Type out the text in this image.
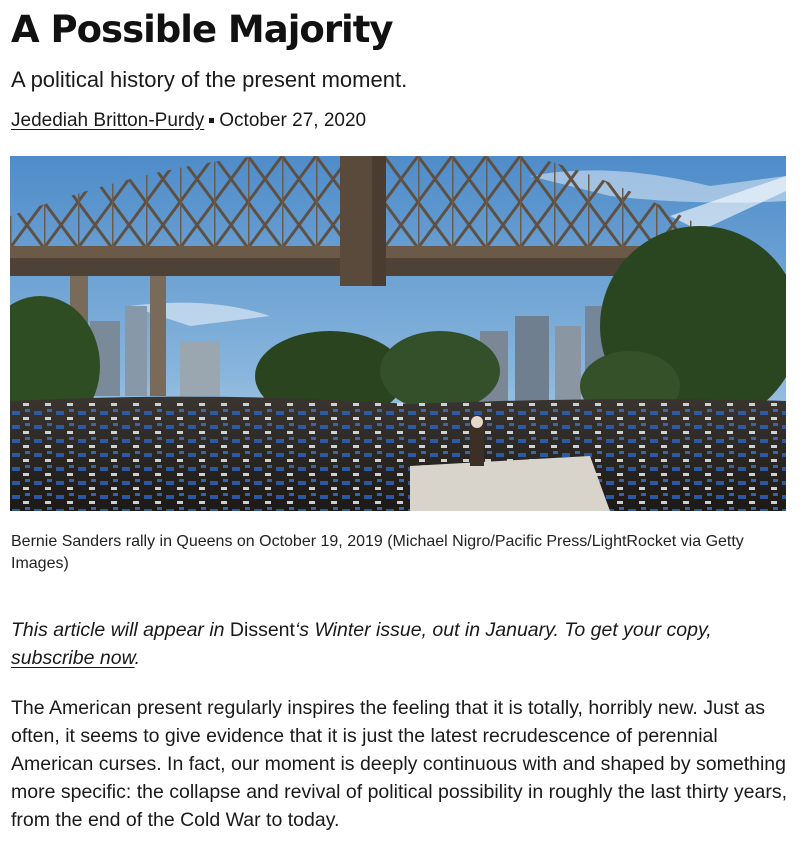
A Possible Majority

A political history of the present moment.

Jedediah Britton-Purdy October 27, 2020

Bernie Sanders rally in Queens on October 19, 2019 (Michael Nigro/Pacific Press/LightRocket via Getty Images)

This article will appear in Dissent‘s Winter issue, out in January. To get your copy, subscribe now.

The American present regularly inspires the feeling that it is totally, horribly new. Just as often, it seems to give evidence that it is just the latest recrudescence of perennial American curses. In fact, our moment is deeply continuous with and shaped by something more specific: the collapse and revival of political possibility in roughly the last thirty years, from the end of the Cold War to today.
